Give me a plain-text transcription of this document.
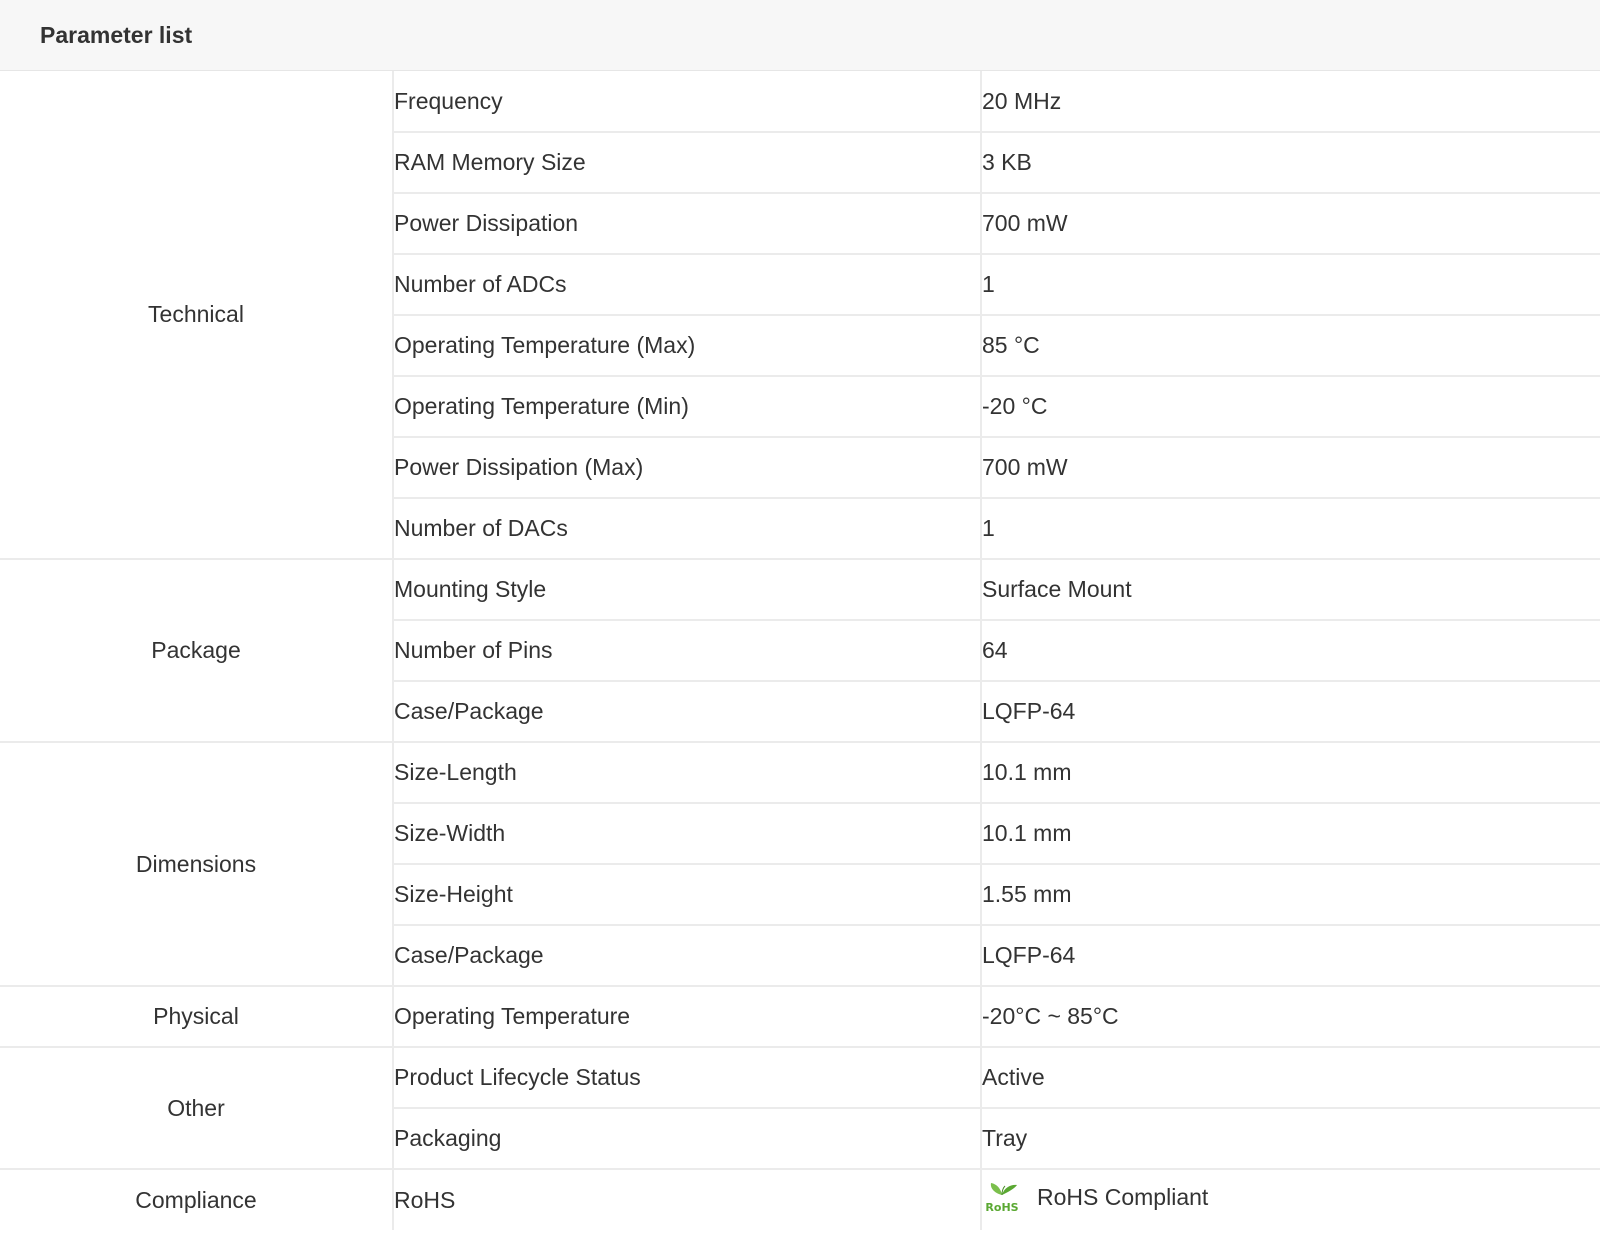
Parameter list
Technical	Frequency	20 MHz
	RAM Memory Size	3 KB
	Power Dissipation	700 mW
	Number of ADCs	1
	Operating Temperature (Max)	85 °C
	Operating Temperature (Min)	-20 °C
	Power Dissipation (Max)	700 mW
	Number of DACs	1
Package	Mounting Style	Surface Mount
	Number of Pins	64
	Case/Package	LQFP-64
Dimensions	Size-Length	10.1 mm
	Size-Width	10.1 mm
	Size-Height	1.55 mm
	Case/Package	LQFP-64
Physical	Operating Temperature	-20°C ~ 85°C
Other	Product Lifecycle Status	Active
	Packaging	Tray
Compliance	RoHS	RoHS RoHS Compliant
